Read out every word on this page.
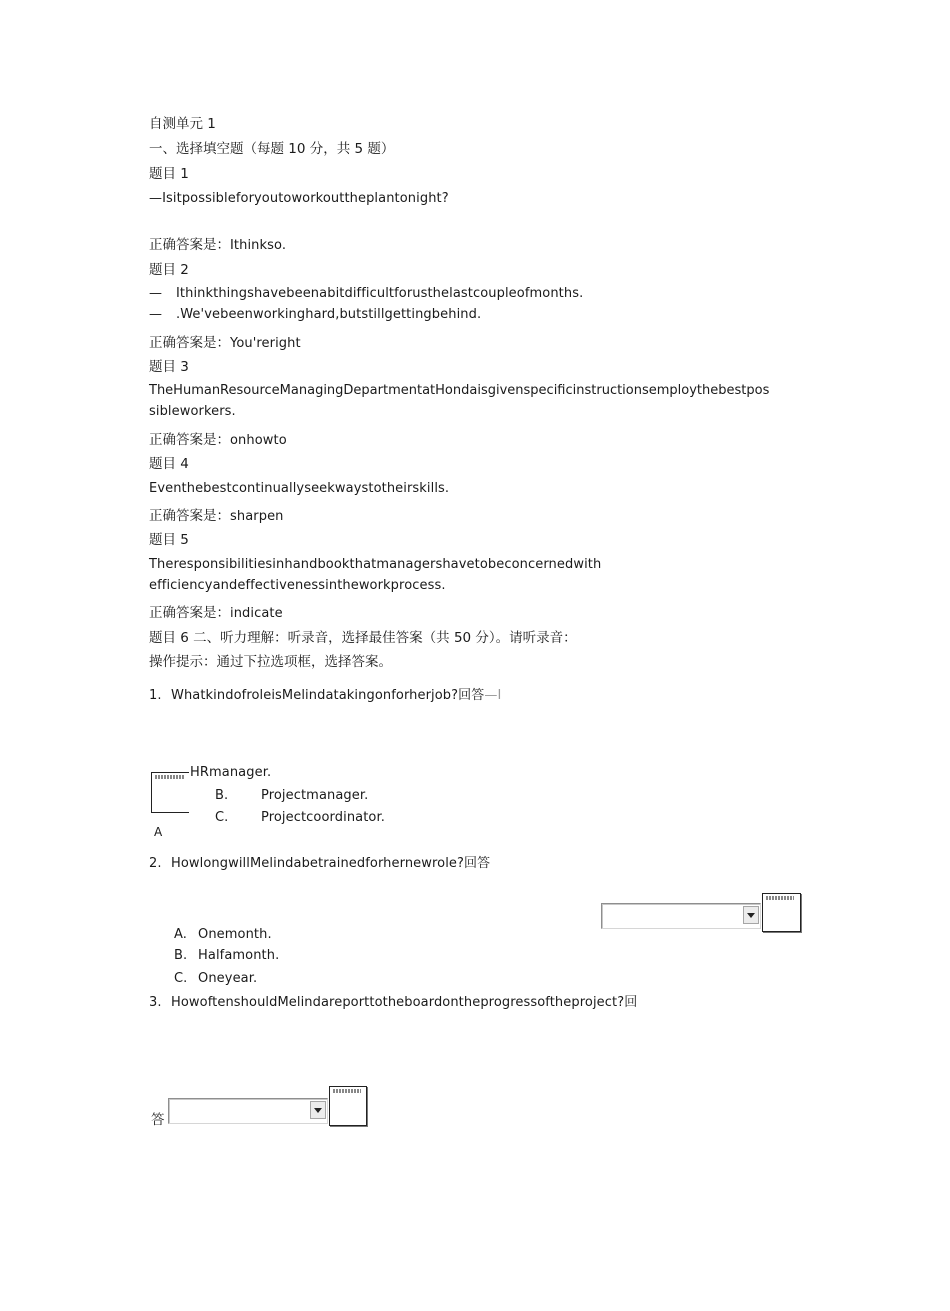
自测单元 1
一、选择填空题（每题 10 分，共 5 题）
题目 1
—Isitpossibleforyoutoworkouttheplantonight?
正确答案是：Ithinkso.
题目 2
— Ithinkthingshavebeenabitdifficultforusthelastcoupleofmonths.
— .We'vebeenworkinghard,butstillgettingbehind.
正确答案是：You'reright
题目 3
TheHumanResourceManagingDepartmentatHondaisgivenspecificinstructionsemploythebestpos
sibleworkers.
正确答案是：onhowto
题目 4
Eventhebestcontinuallyseekwaystotheirskills.
正确答案是：sharpen
题目 5
Theresponsibilitiesinhandbookthatmanagershavetobeconcernedwith
efficiencyandeffectivenessintheworkprocess.
正确答案是：indicate
题目 6 二、听力理解：听录音，选择最佳答案（共 50 分）。请听录音：
操作提示：通过下拉选项框，选择答案。
1. WhatkindofroleisMelindatakingonforherjob?回答—I
HRmanager.
B.	Projectmanager.
C.	Projectcoordinator.
A
2. HowlongwillMelindabetrainedforhernewrole?回答
A. Onemonth.
B. Halfamonth.
C. Oneyear.
3. HowoftenshouldMelindareporttotheboardontheprogressoftheproject?回
答
